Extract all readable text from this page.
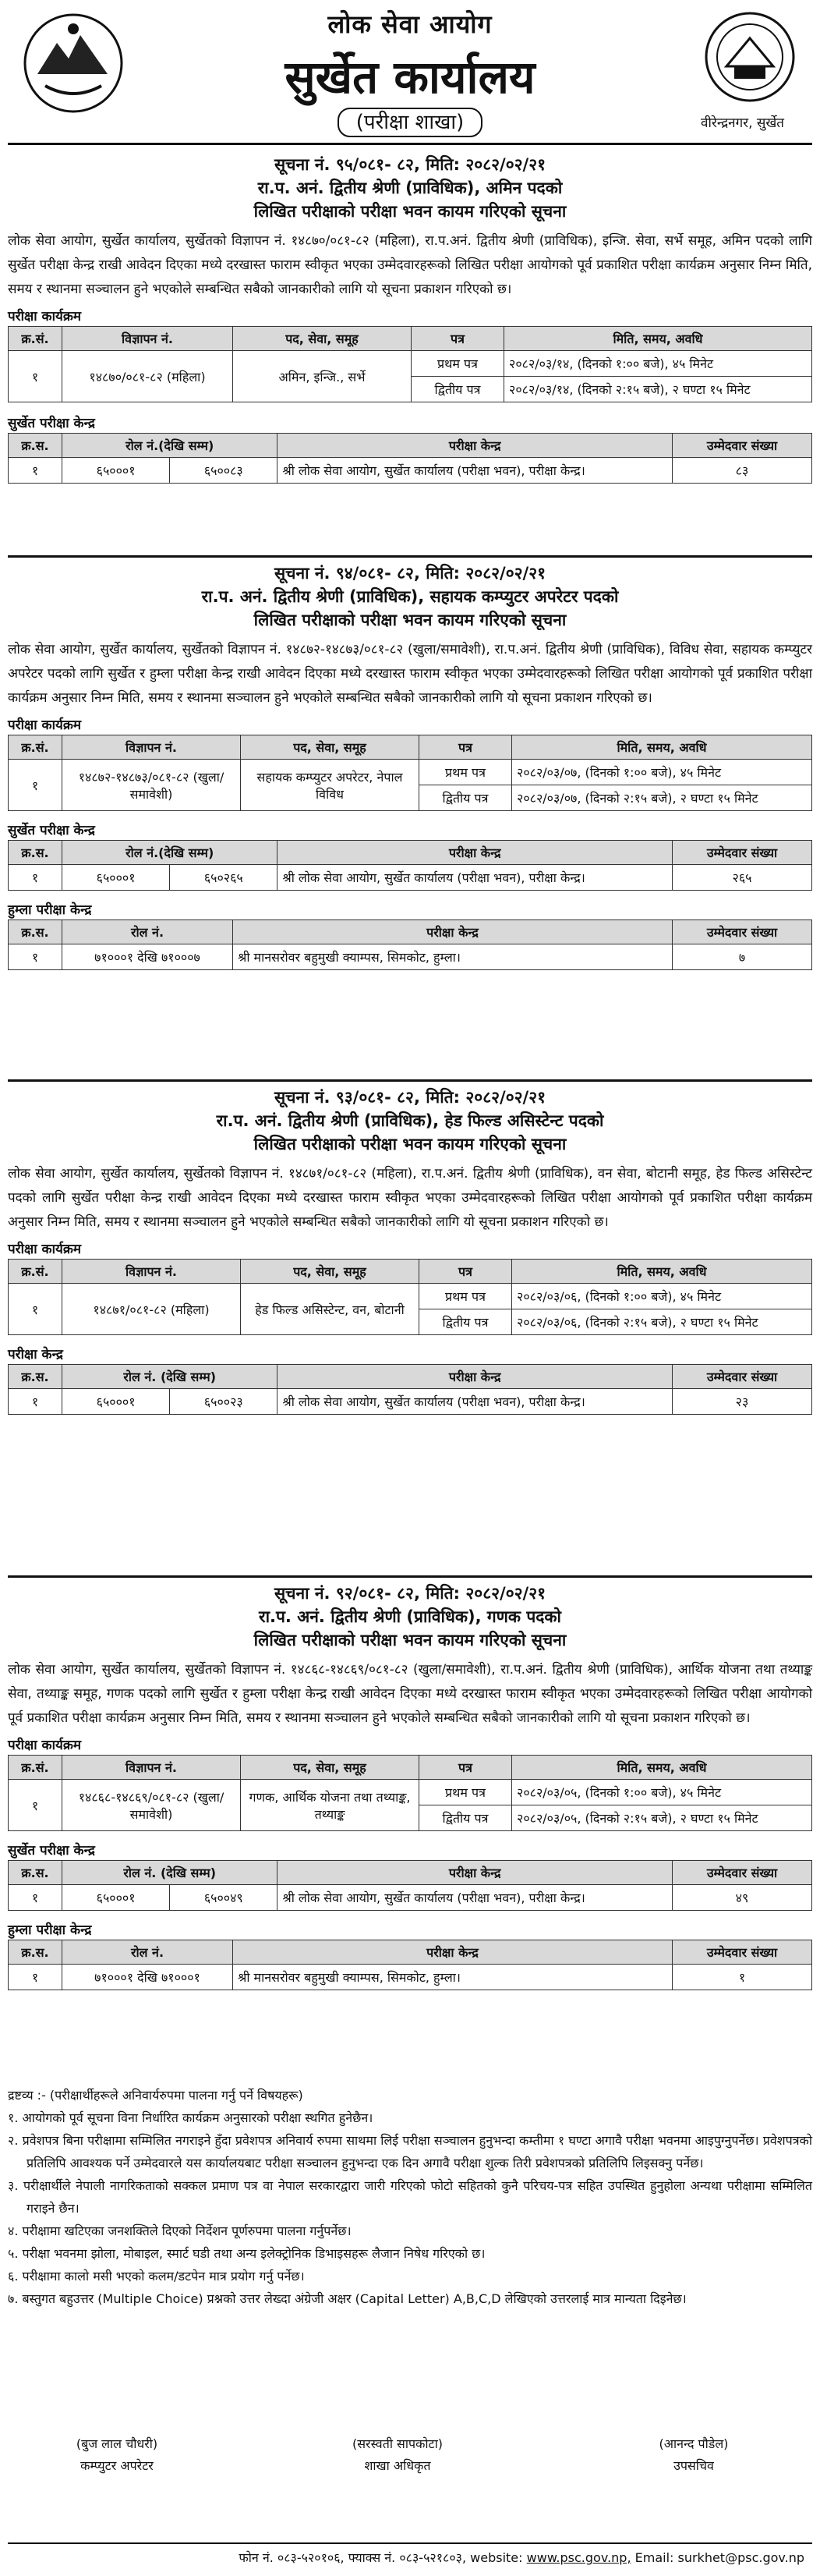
लोक सेवा आयोग
सुर्खेत कार्यालय
(परीक्षा शाखा)	वीरेन्द्रनगर, सुर्खेत
सूचना नं. ९५/०८१- ८२, मिति: २०८२/०२/२१
रा.प. अनं. द्वितीय श्रेणी (प्राविधिक), अमिन पदको
लिखित परीक्षाको परीक्षा भवन कायम गरिएको सूचना
लोक सेवा आयोग, सुर्खेत कार्यालय, सुर्खेतको विज्ञापन नं. १४८७०/०८१-८२ (महिला), रा.प.अनं. द्वितीय श्रेणी (प्राविधिक), इन्जि. सेवा, सर्भे समूह, अमिन पदको लागि सुर्खेत परीक्षा केन्द्र राखी आवेदन दिएका मध्ये दरखास्त फाराम स्वीकृत भएका उम्मेदवारहरूको लिखित परीक्षा आयोगको पूर्व प्रकाशित परीक्षा कार्यक्रम अनुसार निम्न मिति, समय र स्थानमा सञ्चालन हुने भएकोले सम्बन्धित सबैको जानकारीको लागि यो सूचना प्रकाशन गरिएको छ।
परीक्षा कार्यक्रम
क्र.सं.	विज्ञापन नं.	पद, सेवा, समूह	पत्र	मिति, समय, अवधि
१	१४८७०/०८१-८२ (महिला)	अमिन, इन्जि., सर्भे	प्रथम पत्र	२०८२/०३/१४, (दिनको १:०० बजे), ४५ मिनेट
			द्वितीय पत्र	२०८२/०३/१४, (दिनको २:१५ बजे), २ घण्टा १५ मिनेट
सुर्खेत परीक्षा केन्द्र
क्र.स.	रोल नं.(देखि सम्म)		परीक्षा केन्द्र	उम्मेदवार संख्या
१	६५०००१	६५००८३	श्री लोक सेवा आयोग, सुर्खेत कार्यालय (परीक्षा भवन), परीक्षा केन्द्र।	८३
सूचना नं. ९४/०८१- ८२, मिति: २०८२/०२/२१
रा.प. अनं. द्वितीय श्रेणी (प्राविधिक), सहायक कम्प्युटर अपरेटर पदको
लिखित परीक्षाको परीक्षा भवन कायम गरिएको सूचना
लोक सेवा आयोग, सुर्खेत कार्यालय, सुर्खेतको विज्ञापन नं. १४८७२-१४८७३/०८१-८२ (खुला/समावेशी), रा.प.अनं. द्वितीय श्रेणी (प्राविधिक), विविध सेवा, सहायक कम्प्युटर अपरेटर पदको लागि सुर्खेत र हुम्ला परीक्षा केन्द्र राखी आवेदन दिएका मध्ये दरखास्त फाराम स्वीकृत भएका उम्मेदवारहरूको लिखित परीक्षा आयोगको पूर्व प्रकाशित परीक्षा कार्यक्रम अनुसार निम्न मिति, समय र स्थानमा सञ्चालन हुने भएकोले सम्बन्धित सबैको जानकारीको लागि यो सूचना प्रकाशन गरिएको छ।
परीक्षा कार्यक्रम
क्र.सं.	विज्ञापन नं.	पद, सेवा, समूह	पत्र	मिति, समय, अवधि
१	१४८७२-१४८७३/०८१-८२ (खुला/समावेशी)	सहायक कम्प्युटर अपरेटर, नेपाल विविध	प्रथम पत्र	२०८२/०३/०७, (दिनको १:०० बजे), ४५ मिनेट
			द्वितीय पत्र	२०८२/०३/०७, (दिनको २:१५ बजे), २ घण्टा १५ मिनेट
सुर्खेत परीक्षा केन्द्र
क्र.स.	रोल नं.(देखि सम्म)		परीक्षा केन्द्र	उम्मेदवार संख्या
१	६५०००१	६५०२६५	श्री लोक सेवा आयोग, सुर्खेत कार्यालय (परीक्षा भवन), परीक्षा केन्द्र।	२६५
हुम्ला परीक्षा केन्द्र
क्र.स.	रोल नं.	परीक्षा केन्द्र	उम्मेदवार संख्या
१	७१०००१ देखि ७१०००७	श्री मानसरोवर बहुमुखी क्याम्पस, सिमकोट, हुम्ला।	७
सूचना नं. ९३/०८१- ८२, मिति: २०८२/०२/२१
रा.प. अनं. द्वितीय श्रेणी (प्राविधिक), हेड फिल्ड असिस्टेन्ट पदको
लिखित परीक्षाको परीक्षा भवन कायम गरिएको सूचना
लोक सेवा आयोग, सुर्खेत कार्यालय, सुर्खेतको विज्ञापन नं. १४८७१/०८१-८२ (महिला), रा.प.अनं. द्वितीय श्रेणी (प्राविधिक), वन सेवा, बोटानी समूह, हेड फिल्ड असिस्टेन्ट पदको लागि सुर्खेत परीक्षा केन्द्र राखी आवेदन दिएका मध्ये दरखास्त फाराम स्वीकृत भएका उम्मेदवारहरूको लिखित परीक्षा आयोगको पूर्व प्रकाशित परीक्षा कार्यक्रम अनुसार निम्न मिति, समय र स्थानमा सञ्चालन हुने भएकोले सम्बन्धित सबैको जानकारीको लागि यो सूचना प्रकाशन गरिएको छ।
परीक्षा कार्यक्रम
क्र.सं.	विज्ञापन नं.	पद, सेवा, समूह	पत्र	मिति, समय, अवधि
१	१४८७१/०८१-८२ (महिला)	हेड फिल्ड असिस्टेन्ट, वन, बोटानी	प्रथम पत्र	२०८२/०३/०६, (दिनको १:०० बजे), ४५ मिनेट
			द्वितीय पत्र	२०८२/०३/०६, (दिनको २:१५ बजे), २ घण्टा १५ मिनेट
परीक्षा केन्द्र
क्र.स.	रोल नं. (देखि सम्म)		परीक्षा केन्द्र	उम्मेदवार संख्या
१	६५०००१	६५००२३	श्री लोक सेवा आयोग, सुर्खेत कार्यालय (परीक्षा भवन), परीक्षा केन्द्र।	२३
सूचना नं. ९२/०८१- ८२, मिति: २०८२/०२/२१
रा.प. अनं. द्वितीय श्रेणी (प्राविधिक), गणक पदको
लिखित परीक्षाको परीक्षा भवन कायम गरिएको सूचना
लोक सेवा आयोग, सुर्खेत कार्यालय, सुर्खेतको विज्ञापन नं. १४८६८-१४८६९/०८१-८२ (खुला/समावेशी), रा.प.अनं. द्वितीय श्रेणी (प्राविधिक), आर्थिक योजना तथा तथ्याङ्क सेवा, तथ्याङ्क समूह, गणक पदको लागि सुर्खेत र हुम्ला परीक्षा केन्द्र राखी आवेदन दिएका मध्ये दरखास्त फाराम स्वीकृत भएका उम्मेदवारहरूको लिखित परीक्षा आयोगको पूर्व प्रकाशित परीक्षा कार्यक्रम अनुसार निम्न मिति, समय र स्थानमा सञ्चालन हुने भएकोले सम्बन्धित सबैको जानकारीको लागि यो सूचना प्रकाशन गरिएको छ।
परीक्षा कार्यक्रम
क्र.सं.	विज्ञापन नं.	पद, सेवा, समूह	पत्र	मिति, समय, अवधि
१	१४८६८-१४८६९/०८१-८२ (खुला/समावेशी)	गणक, आर्थिक योजना तथा तथ्याङ्क, तथ्याङ्क	प्रथम पत्र	२०८२/०३/०५, (दिनको १:०० बजे), ४५ मिनेट
			द्वितीय पत्र	२०८२/०३/०५, (दिनको २:१५ बजे), २ घण्टा १५ मिनेट
सुर्खेत परीक्षा केन्द्र
क्र.स.	रोल नं. (देखि सम्म)		परीक्षा केन्द्र	उम्मेदवार संख्या
१	६५०००१	६५००४९	श्री लोक सेवा आयोग, सुर्खेत कार्यालय (परीक्षा भवन), परीक्षा केन्द्र।	४९
हुम्ला परीक्षा केन्द्र
क्र.स.	रोल नं.	परीक्षा केन्द्र	उम्मेदवार संख्या
१	७१०००१ देखि ७१०००१	श्री मानसरोवर बहुमुखी क्याम्पस, सिमकोट, हुम्ला।	१
द्रष्टव्य :- (परीक्षार्थीहरूले अनिवार्यरुपमा पालना गर्नु पर्ने विषयहरू)
१. आयोगको पूर्व सूचना विना निर्धारित कार्यक्रम अनुसारको परीक्षा स्थगित हुनेछैन।
२. प्रवेशपत्र बिना परीक्षामा सम्मिलित नगराइने हुँदा प्रवेशपत्र अनिवार्य रुपमा साथमा लिई परीक्षा सञ्चालन हुनुभन्दा कम्तीमा १ घण्टा अगावै परीक्षा भवनमा आइपुग्नुपर्नेछ। प्रवेशपत्रको प्रतिलिपि आवश्यक पर्ने उम्मेदवारले यस कार्यालयबाट परीक्षा सञ्चालन हुनुभन्दा एक दिन अगावै परीक्षा शुल्क तिरी प्रवेशपत्रको प्रतिलिपि लिइसक्नु पर्नेछ।
३. परीक्षार्थीले नेपाली नागरिकताको सक्कल प्रमाण पत्र वा नेपाल सरकारद्वारा जारी गरिएको फोटो सहितको कुनै परिचय-पत्र सहित उपस्थित हुनुहोला अन्यथा परीक्षामा सम्मिलित गराइने छैन।
४. परीक्षामा खटिएका जनशक्तिले दिएको निर्देशन पूर्णरुपमा पालना गर्नुपर्नेछ।
५. परीक्षा भवनमा झोला, मोबाइल, स्मार्ट घडी तथा अन्य इलेक्ट्रोनिक डिभाइसहरू लैजान निषेध गरिएको छ।
६. परीक्षामा कालो मसी भएको कलम/डटपेन मात्र प्रयोग गर्नु पर्नेछ।
७. बस्तुगत बहुउत्तर (Multiple Choice) प्रश्नको उत्तर लेख्दा अंग्रेजी अक्षर (Capital Letter) A,B,C,D लेखिएको उत्तरलाई मात्र मान्यता दिइनेछ।
(बुज लाल चौधरी)
कम्प्युटर अपरेटर
(सरस्वती सापकोटा)
शाखा अधिकृत
(आनन्द पौडेल)
उपसचिव
फोन नं. ०८३-५२०१०६, फ्याक्स नं. ०८३-५२१८०३, website: www.psc.gov.np, Email: surkhet@psc.gov.np
